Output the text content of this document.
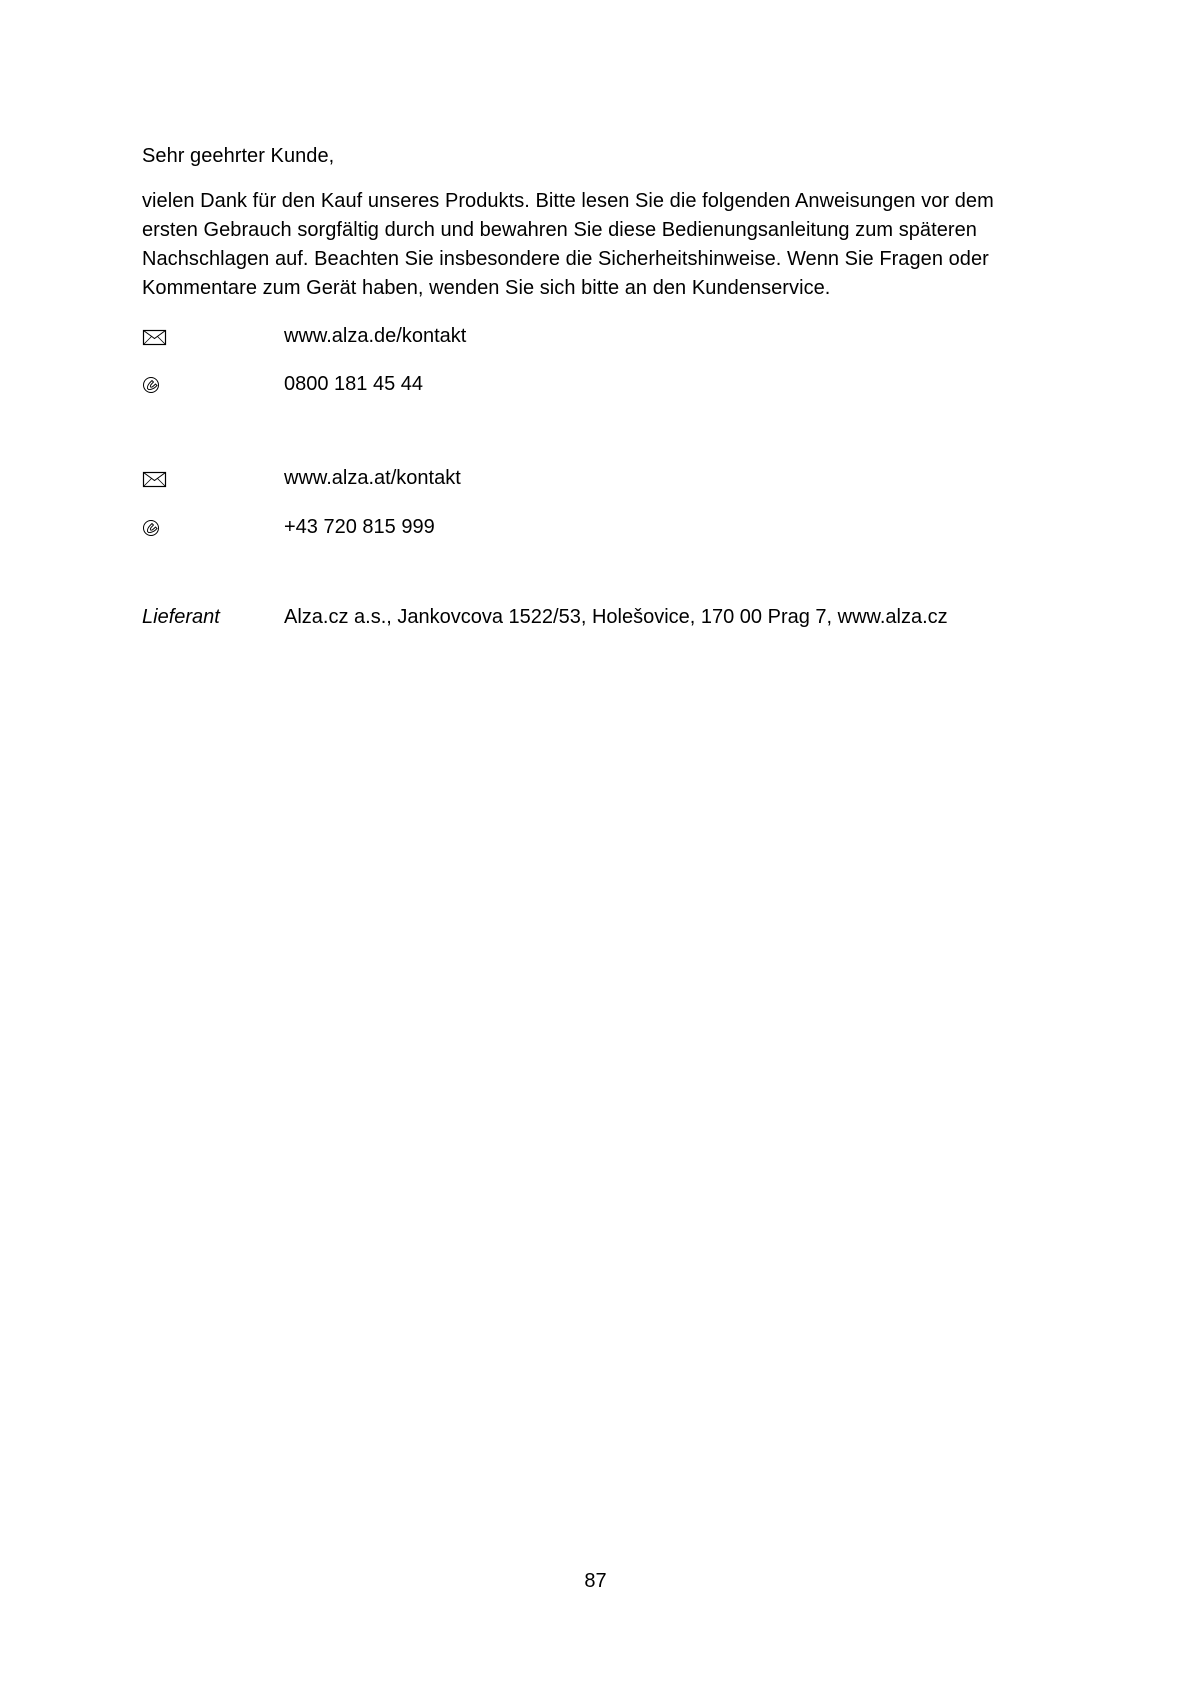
Sehr geehrter Kunde,
vielen Dank für den Kauf unseres Produkts. Bitte lesen Sie die folgenden Anweisungen vor dem
ersten Gebrauch sorgfältig durch und bewahren Sie diese Bedienungsanleitung zum späteren
Nachschlagen auf. Beachten Sie insbesondere die Sicherheitshinweise. Wenn Sie Fragen oder
Kommentare zum Gerät haben, wenden Sie sich bitte an den Kundenservice.
www.alza.de/kontakt
0800 181 45 44
www.alza.at/kontakt
+43 720 815 999
Lieferant	Alza.cz a.s., Jankovcova 1522/53, Holešovice, 170 00 Prag 7, www.alza.cz
87
